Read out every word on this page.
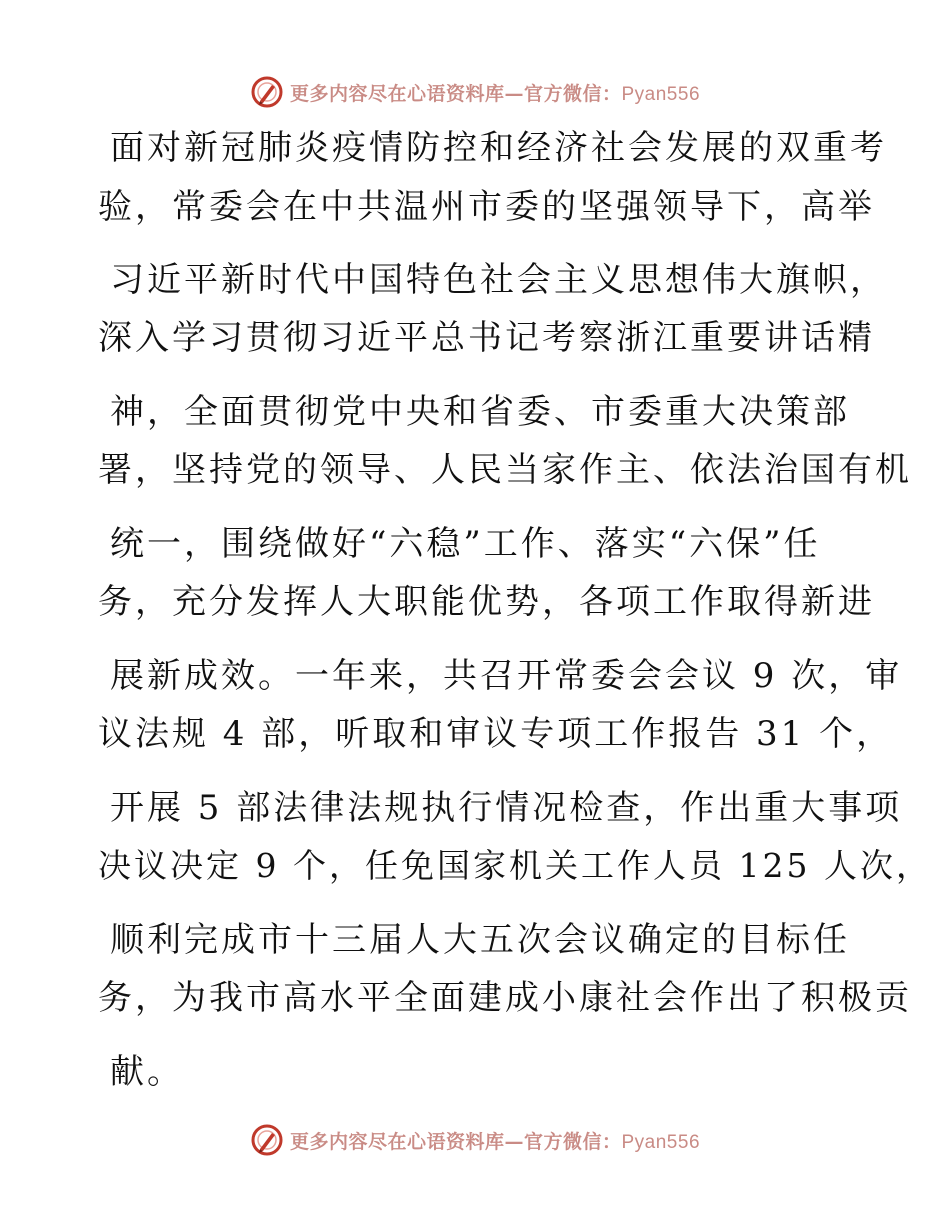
更多内容尽在心语资料库—官方微信：Pyan556
面对新冠肺炎疫情防控和经济社会发展的双重考
验，常委会在中共温州市委的坚强领导下，高举
习近平新时代中国特色社会主义思想伟大旗帜，
深入学习贯彻习近平总书记考察浙江重要讲话精
神，全面贯彻党中央和省委、市委重大决策部
署，坚持党的领导、人民当家作主、依法治国有机
统一，围绕做好“六稳”工作、落实“六保”任
务，充分发挥人大职能优势，各项工作取得新进
展新成效。一年来，共召开常委会会议 9 次，审
议法规 4 部，听取和审议专项工作报告 31 个，
开展 5 部法律法规执行情况检查，作出重大事项
决议决定 9 个，任免国家机关工作人员 125 人次，
顺利完成市十三届人大五次会议确定的目标任
务，为我市高水平全面建成小康社会作出了积极贡
献。
更多内容尽在心语资料库—官方微信：Pyan556
